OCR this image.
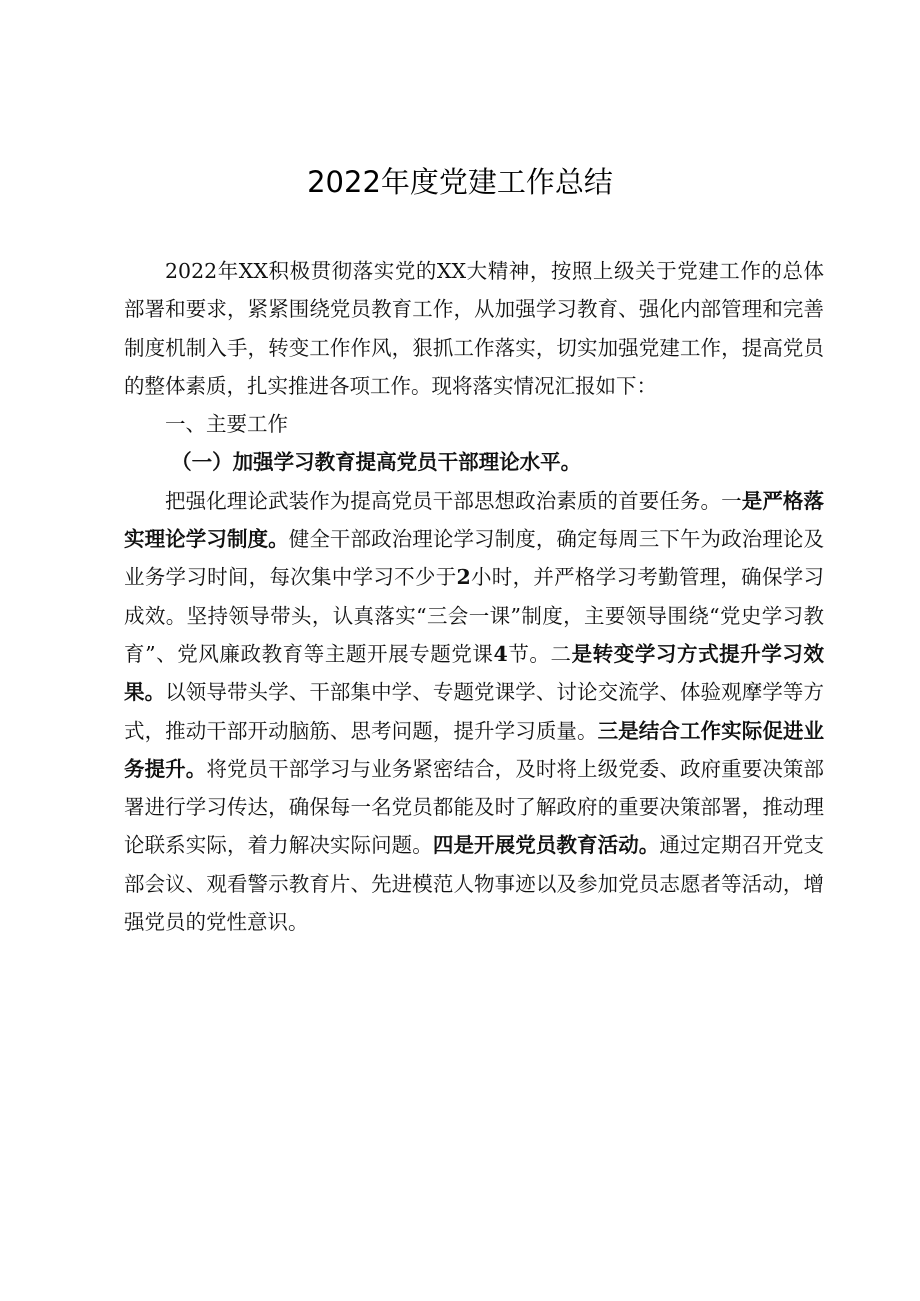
2022年度党建工作总结

2022年XX积极贯彻落实党的XX大精神，按照上级关于党建工作的总体部署和要求，紧紧围绕党员教育工作，从加强学习教育、强化内部管理和完善制度机制入手，转变工作作风，狠抓工作落实，切实加强党建工作，提高党员的整体素质，扎实推进各项工作。现将落实情况汇报如下：

一、主要工作

（一）加强学习教育提高党员干部理论水平。

把强化理论武装作为提高党员干部思想政治素质的首要任务。一是严格落实理论学习制度。健全干部政治理论学习制度，确定每周三下午为政治理论及业务学习时间，每次集中学习不少于2小时，并严格学习考勤管理，确保学习成效。坚持领导带头，认真落实“三会一课”制度，主要领导围绕“党史学习教育”、党风廉政教育等主题开展专题党课4节。二是转变学习方式提升学习效果。以领导带头学、干部集中学、专题党课学、讨论交流学、体验观摩学等方式，推动干部开动脑筋、思考问题，提升学习质量。三是结合工作实际促进业务提升。将党员干部学习与业务紧密结合，及时将上级党委、政府重要决策部署进行学习传达，确保每一名党员都能及时了解政府的重要决策部署，推动理论联系实际，着力解决实际问题。四是开展党员教育活动。通过定期召开党支部会议、观看警示教育片、先进模范人物事迹以及参加党员志愿者等活动，增强党员的党性意识。
